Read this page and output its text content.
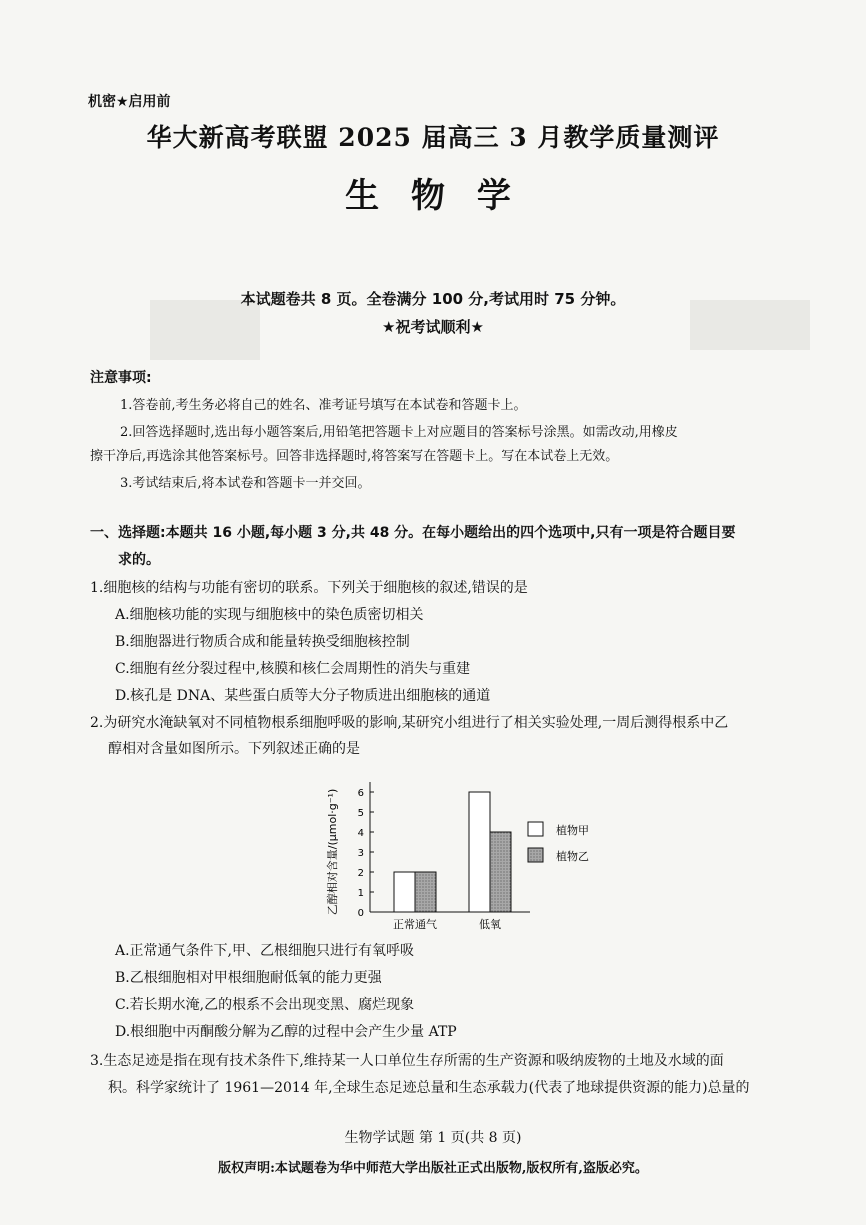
机密★启用前
华大新高考联盟 2025 届高三 3 月教学质量测评
生 物 学
本试题卷共 8 页。全卷满分 100 分,考试用时 75 分钟。
★祝考试顺利★
注意事项:
1.答卷前,考生务必将自己的姓名、准考证号填写在本试卷和答题卡上。
2.回答选择题时,选出每小题答案后,用铅笔把答题卡上对应题目的答案标号涂黑。如需改动,用橡皮
擦干净后,再选涂其他答案标号。回答非选择题时,将答案写在答题卡上。写在本试卷上无效。
3.考试结束后,将本试卷和答题卡一并交回。
一、选择题:本题共 16 小题,每小题 3 分,共 48 分。在每小题给出的四个选项中,只有一项是符合题目要
求的。
1.细胞核的结构与功能有密切的联系。下列关于细胞核的叙述,错误的是
A.细胞核功能的实现与细胞核中的染色质密切相关
B.细胞器进行物质合成和能量转换受细胞核控制
C.细胞有丝分裂过程中,核膜和核仁会周期性的消失与重建
D.核孔是 DNA、某些蛋白质等大分子物质进出细胞核的通道
2.为研究水淹缺氧对不同植物根系细胞呼吸的影响,某研究小组进行了相关实验处理,一周后测得根系中乙
醇相对含量如图所示。下列叙述正确的是
0
1
2
3
4
5
6
乙醇相对含量/(μmol·g⁻¹)
正常通气	低氧
植物甲
植物乙
A.正常通气条件下,甲、乙根细胞只进行有氧呼吸
B.乙根细胞相对甲根细胞耐低氧的能力更强
C.若长期水淹,乙的根系不会出现变黑、腐烂现象
D.根细胞中丙酮酸分解为乙醇的过程中会产生少量 ATP
3.生态足迹是指在现有技术条件下,维持某一人口单位生存所需的生产资源和吸纳废物的土地及水域的面
积。科学家统计了 1961—2014 年,全球生态足迹总量和生态承载力(代表了地球提供资源的能力)总量的
生物学试题 第 1 页(共 8 页)
版权声明:本试题卷为华中师范大学出版社正式出版物,版权所有,盗版必究。
